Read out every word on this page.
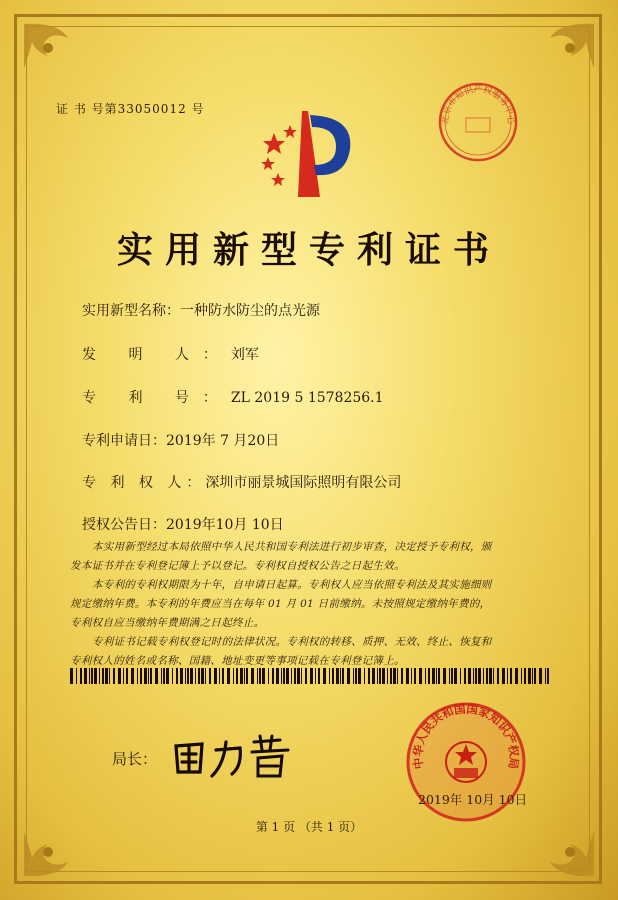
证 书 号第33050012 号
北京市知识产权服务中心
实用新型专利证书
实用新型名称：一种防水防尘的点光源
发 明 人：刘军
专 利 号：ZL 2019 5 1578256.1
专利申请日：2019年 7 月20日
专 利 权 人：深圳市丽景城国际照明有限公司
授权公告日：2019年10月 10日

本实用新型经过本局依照中华人民共和国专利法进行初步审查，决定授予专利权，颁

发本证书并在专利登记簿上予以登记。专利权自授权公告之日起生效。

本专利的专利权期限为十年，自申请日起算。专利权人应当依照专利法及其实施细则

规定缴纳年费。本专利的年费应当在每年 01 月 01 日前缴纳。未按照规定缴纳年费的，

专利权自应当缴纳年费期满之日起终止。

专利证书记载专利权登记时的法律状况。专利权的转移、质押、无效、终止、恢复和

专利权人的姓名或名称、国籍、地址变更等事项记载在专利登记簿上。

局长：	中华人民共和国国家知识产权局
2019年 10月 10日
第 1 页 （共 1 页）
